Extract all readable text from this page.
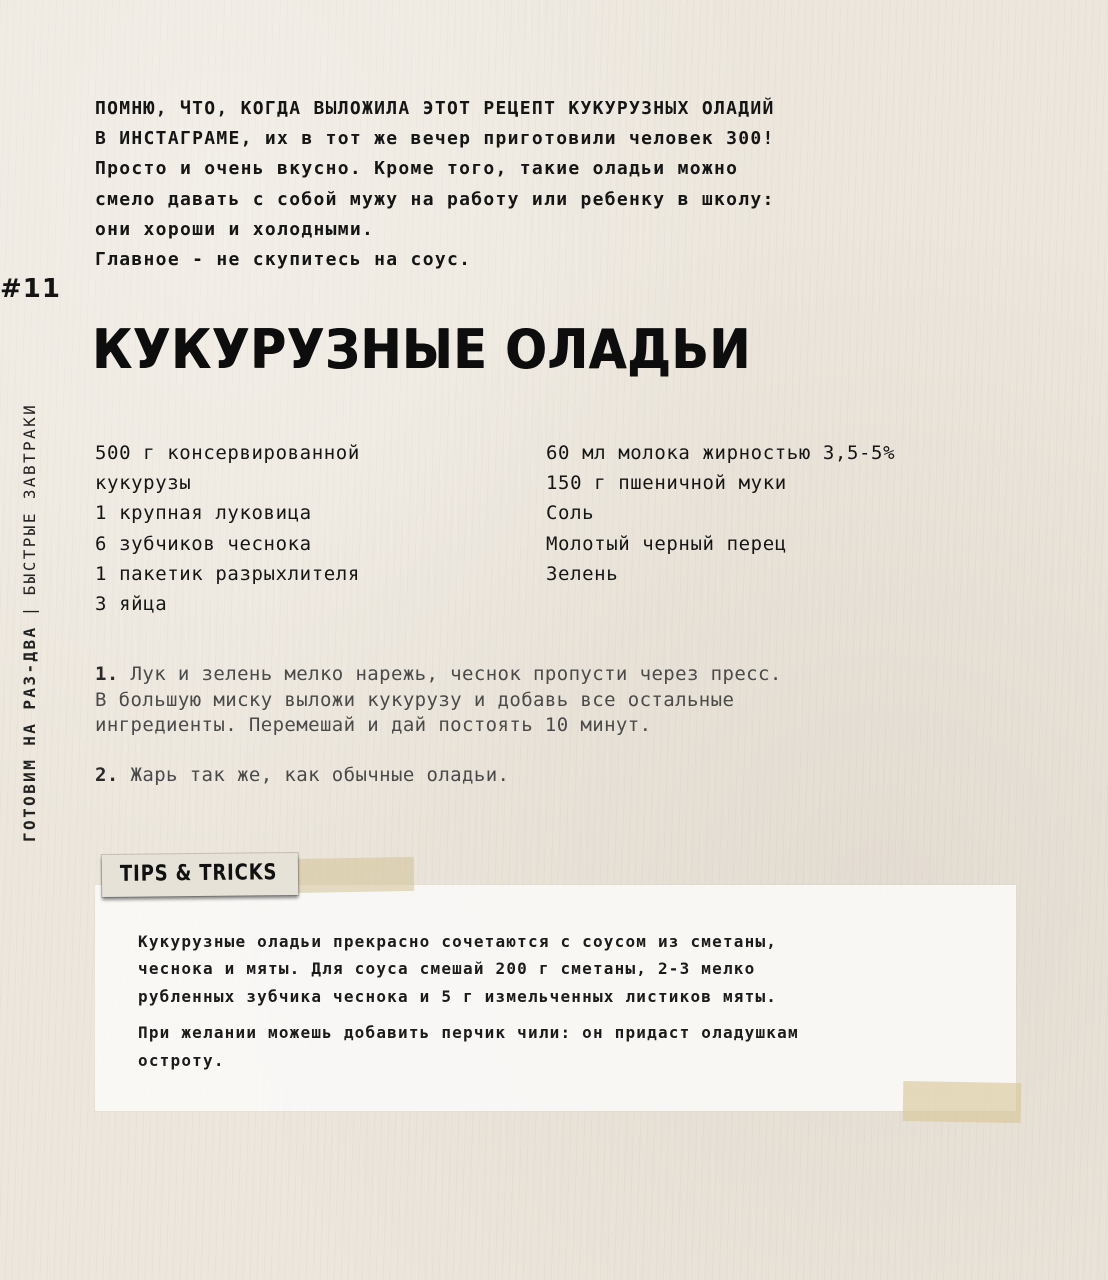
ПОМНЮ, ЧТО, КОГДА ВЫЛОЖИЛА ЭТОТ РЕЦЕПТ КУКУРУЗНЫХ ОЛАДИЙ
В ИНСТАГРАМЕ, их в тот же вечер приготовили человек 300!
Просто и очень вкусно. Кроме того, такие оладьи можно
смело давать с собой мужу на работу или ребенку в школу:
они хороши и холодными.
Главное - не скупитесь на соус.
#11
ГОТОВИМ НА РАЗ-ДВА|БЫСТРЫЕ ЗАВТРАКИ
КУКУРУЗНЫЕ ОЛАДЬИ
500 г консервированной
кукурузы
1 крупная луковица
6 зубчиков чеснока
1 пакетик разрыхлителя
3 яйца
60 мл молока жирностью 3,5-5%
150 г пшеничной муки
Соль
Молотый черный перец
Зелень
1. Лук и зелень мелко нарежь, чеснок пропусти через пресс.
В большую миску выложи кукурузу и добавь все остальные
ингредиенты. Перемешай и дай постоять 10 минут.
2. Жарь так же, как обычные оладьи.
TIPS & TRICKS

Кукурузные оладьи прекрасно сочетаются с соусом из сметаны,
чеснока и мяты. Для соуса смешай 200 г сметаны, 2-3 мелко
рубленных зубчика чеснока и 5 г измельченных листиков мяты.

При желании можешь добавить перчик чили: он придаст оладушкам
остроту.
